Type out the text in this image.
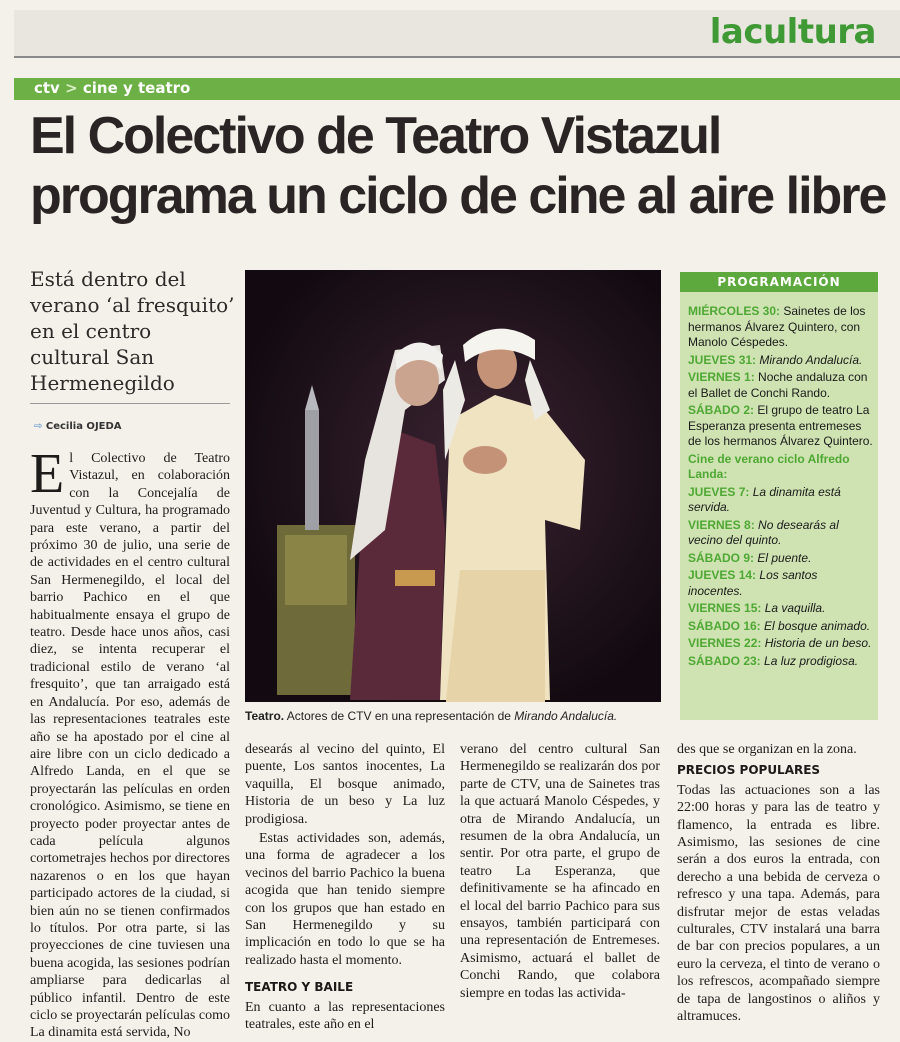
lacultura
ctv > cine y teatro
El Colectivo de Teatro Vistazul programa un ciclo de cine al aire libre
Está dentro del verano ‘al fresquito’ en el centro cultural San Hermenegildo
⇨ Cecilia OJEDA
El Colectivo de Teatro Vistazul, en colaboración con la Concejalía de Juventud y Cultura, ha programado para este verano, a partir del próximo 30 de julio, una serie de de actividades en el centro cultural San Hermenegildo, el local del barrio Pachico en el que habitualmente ensaya el grupo de teatro. Desde hace unos años, casi diez, se intenta recuperar el tradicional estilo de verano ‘al fresquito’, que tan arraigado está en Andalucía. Por eso, además de las representaciones teatrales este año se ha apostado por el cine al aire libre con un ciclo dedicado a Alfredo Landa, en el que se proyectarán las películas en orden cronológico. Asimismo, se tiene en proyecto poder proyectar antes de cada película algunos cortometrajes hechos por directores nazarenos o en los que hayan participado actores de la ciudad, si bien aún no se tienen confirmados lo títulos. Por otra parte, si las proyecciones de cine tuviesen una buena acogida, las sesiones podrían ampliarse para dedicarlas al público infantil. Dentro de este ciclo se proyectarán películas como La dinamita está servida, No
Teatro. Actores de CTV en una representación de Mirando Andalucía.
desearás al vecino del quinto, El puente, Los santos inocentes, La vaquilla, El bosque animado, Historia de un beso y La luz prodigiosa.
Estas actividades son, además, una forma de agradecer a los vecinos del barrio Pachico la buena acogida que han tenido siempre con los grupos que han estado en San Hermenegildo y su implicación en todo lo que se ha realizado hasta el momento.
TEATRO Y BAILE
En cuanto a las representaciones teatrales, este año en el
verano del centro cultural San Hermenegildo se realizarán dos por parte de CTV, una de Sainetes tras la que actuará Manolo Céspedes, y otra de Mirando Andalucía, un resumen de la obra Andalucía, un sentir. Por otra parte, el grupo de teatro La Esperanza, que definitivamente se ha afincado en el local del barrio Pachico para sus ensayos, también participará con una representación de Entremeses. Asimismo, actuará el ballet de Conchi Rando, que colabora siempre en todas las activida-
des que se organizan en la zona.
PRECIOS POPULARES
Todas las actuaciones son a las 22:00 horas y para las de teatro y flamenco, la entrada es libre. Asimismo, las sesiones de cine serán a dos euros la entrada, con derecho a una bebida de cerveza o refresco y una tapa. Además, para disfrutar mejor de estas veladas culturales, CTV instalará una barra de bar con precios populares, a un euro la cerveza, el tinto de verano o los refrescos, acompañado siempre de tapa de langostinos o aliños y altramuces.
PROGRAMACIÓN
MIÉRCOLES 30: Sainetes de los hermanos Álvarez Quintero, con Manolo Céspedes.
JUEVES 31: Mirando Andalucía.
VIERNES 1: Noche andaluza con el Ballet de Conchi Rando.
SÁBADO 2: El grupo de teatro La Esperanza presenta entremeses de los hermanos Álvarez Quintero.
Cine de verano ciclo Alfredo Landa:
JUEVES 7: La dinamita está servida.
VIERNES 8: No desearás al vecino del quinto.
SÁBADO 9: El puente.
JUEVES 14: Los santos inocentes.
VIERNES 15: La vaquilla.
SÁBADO 16: El bosque animado.
VIERNES 22: Historia de un beso.
SÁBADO 23: La luz prodigiosa.
